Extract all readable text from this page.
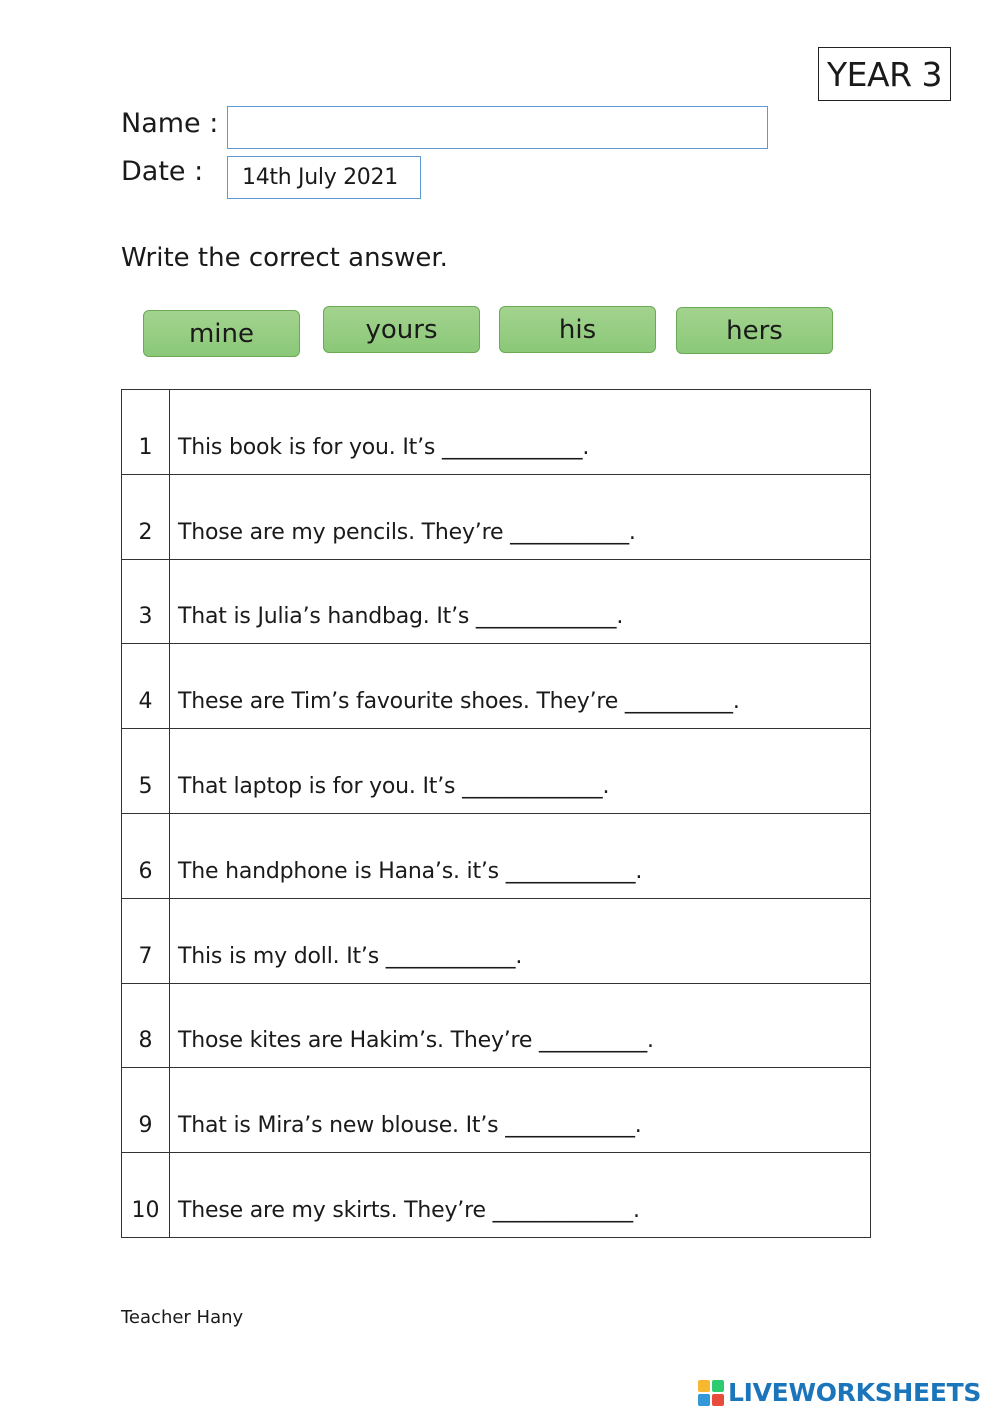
YEAR 3
Name :
Date :	14th July 2021
Write the correct answer.
mine	yours	his	hers
1	This book is for you. It’s _____________.
2	Those are my pencils. They’re ___________.
3	That is Julia’s handbag. It’s _____________.
4	These are Tim’s favourite shoes. They’re __________.
5	That laptop is for you. It’s _____________.
6	The handphone is Hana’s. it’s ____________.
7	This is my doll. It’s ____________.
8	Those kites are Hakim’s. They’re __________.
9	That is Mira’s new blouse. It’s ____________.
10	These are my skirts. They’re _____________.
Teacher Hany
LIVEWORKSHEETS
